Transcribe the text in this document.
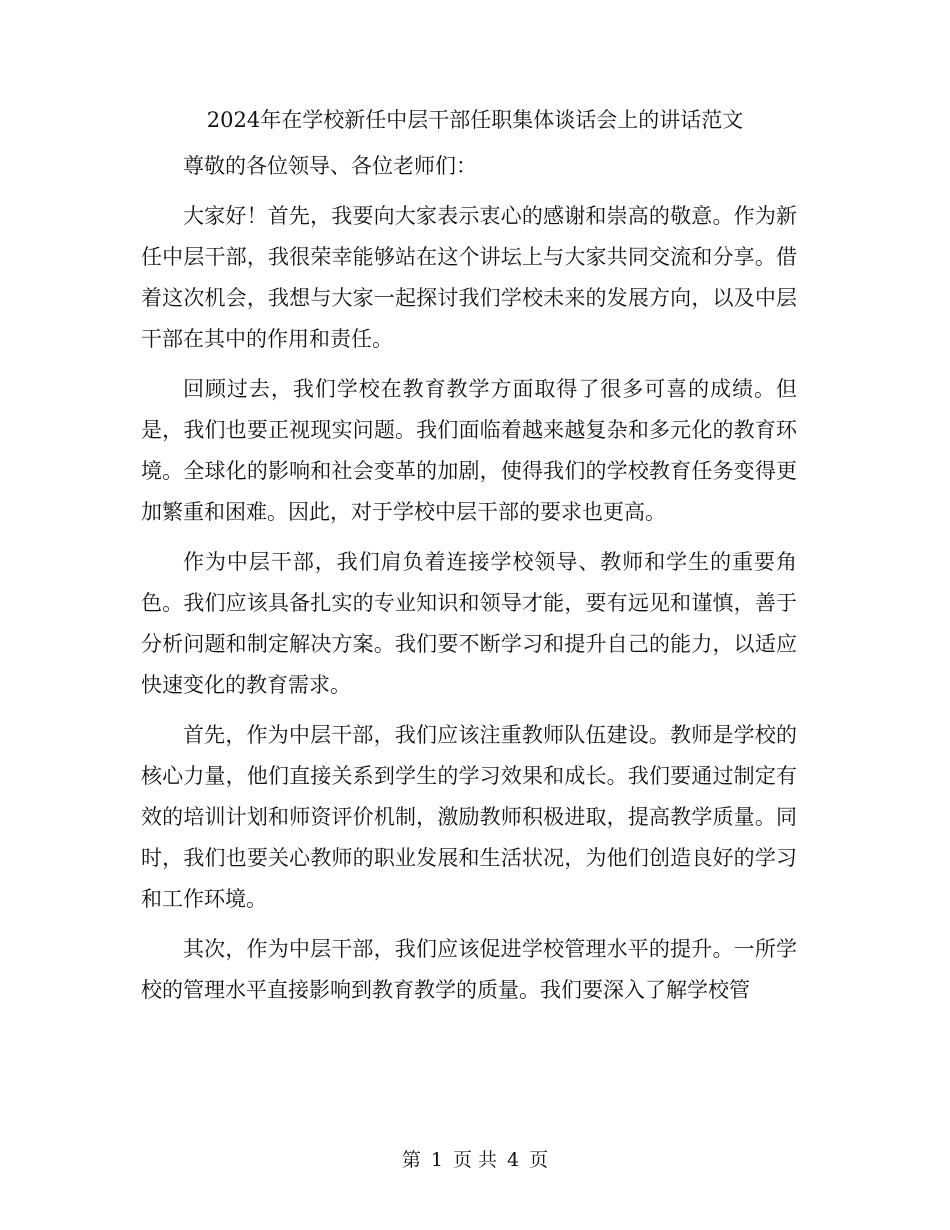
2024年在学校新任中层干部任职集体谈话会上的讲话范文

尊敬的各位领导、各位老师们：

大家好！首先，我要向大家表示衷心的感谢和崇高的敬意。作为新任中层干部，我很荣幸能够站在这个讲坛上与大家共同交流和分享。借着这次机会，我想与大家一起探讨我们学校未来的发展方向，以及中层干部在其中的作用和责任。

回顾过去，我们学校在教育教学方面取得了很多可喜的成绩。但是，我们也要正视现实问题。我们面临着越来越复杂和多元化的教育环境。全球化的影响和社会变革的加剧，使得我们的学校教育任务变得更加繁重和困难。因此，对于学校中层干部的要求也更高。

作为中层干部，我们肩负着连接学校领导、教师和学生的重要角色。我们应该具备扎实的专业知识和领导才能，要有远见和谨慎，善于分析问题和制定解决方案。我们要不断学习和提升自己的能力，以适应快速变化的教育需求。

首先，作为中层干部，我们应该注重教师队伍建设。教师是学校的核心力量，他们直接关系到学生的学习效果和成长。我们要通过制定有效的培训计划和师资评价机制，激励教师积极进取，提高教学质量。同时，我们也要关心教师的职业发展和生活状况，为他们创造良好的学习和工作环境。

其次，作为中层干部，我们应该促进学校管理水平的提升。一所学校的管理水平直接影响到教育教学的质量。我们要深入了解学校管

第 1 页 共 4 页
